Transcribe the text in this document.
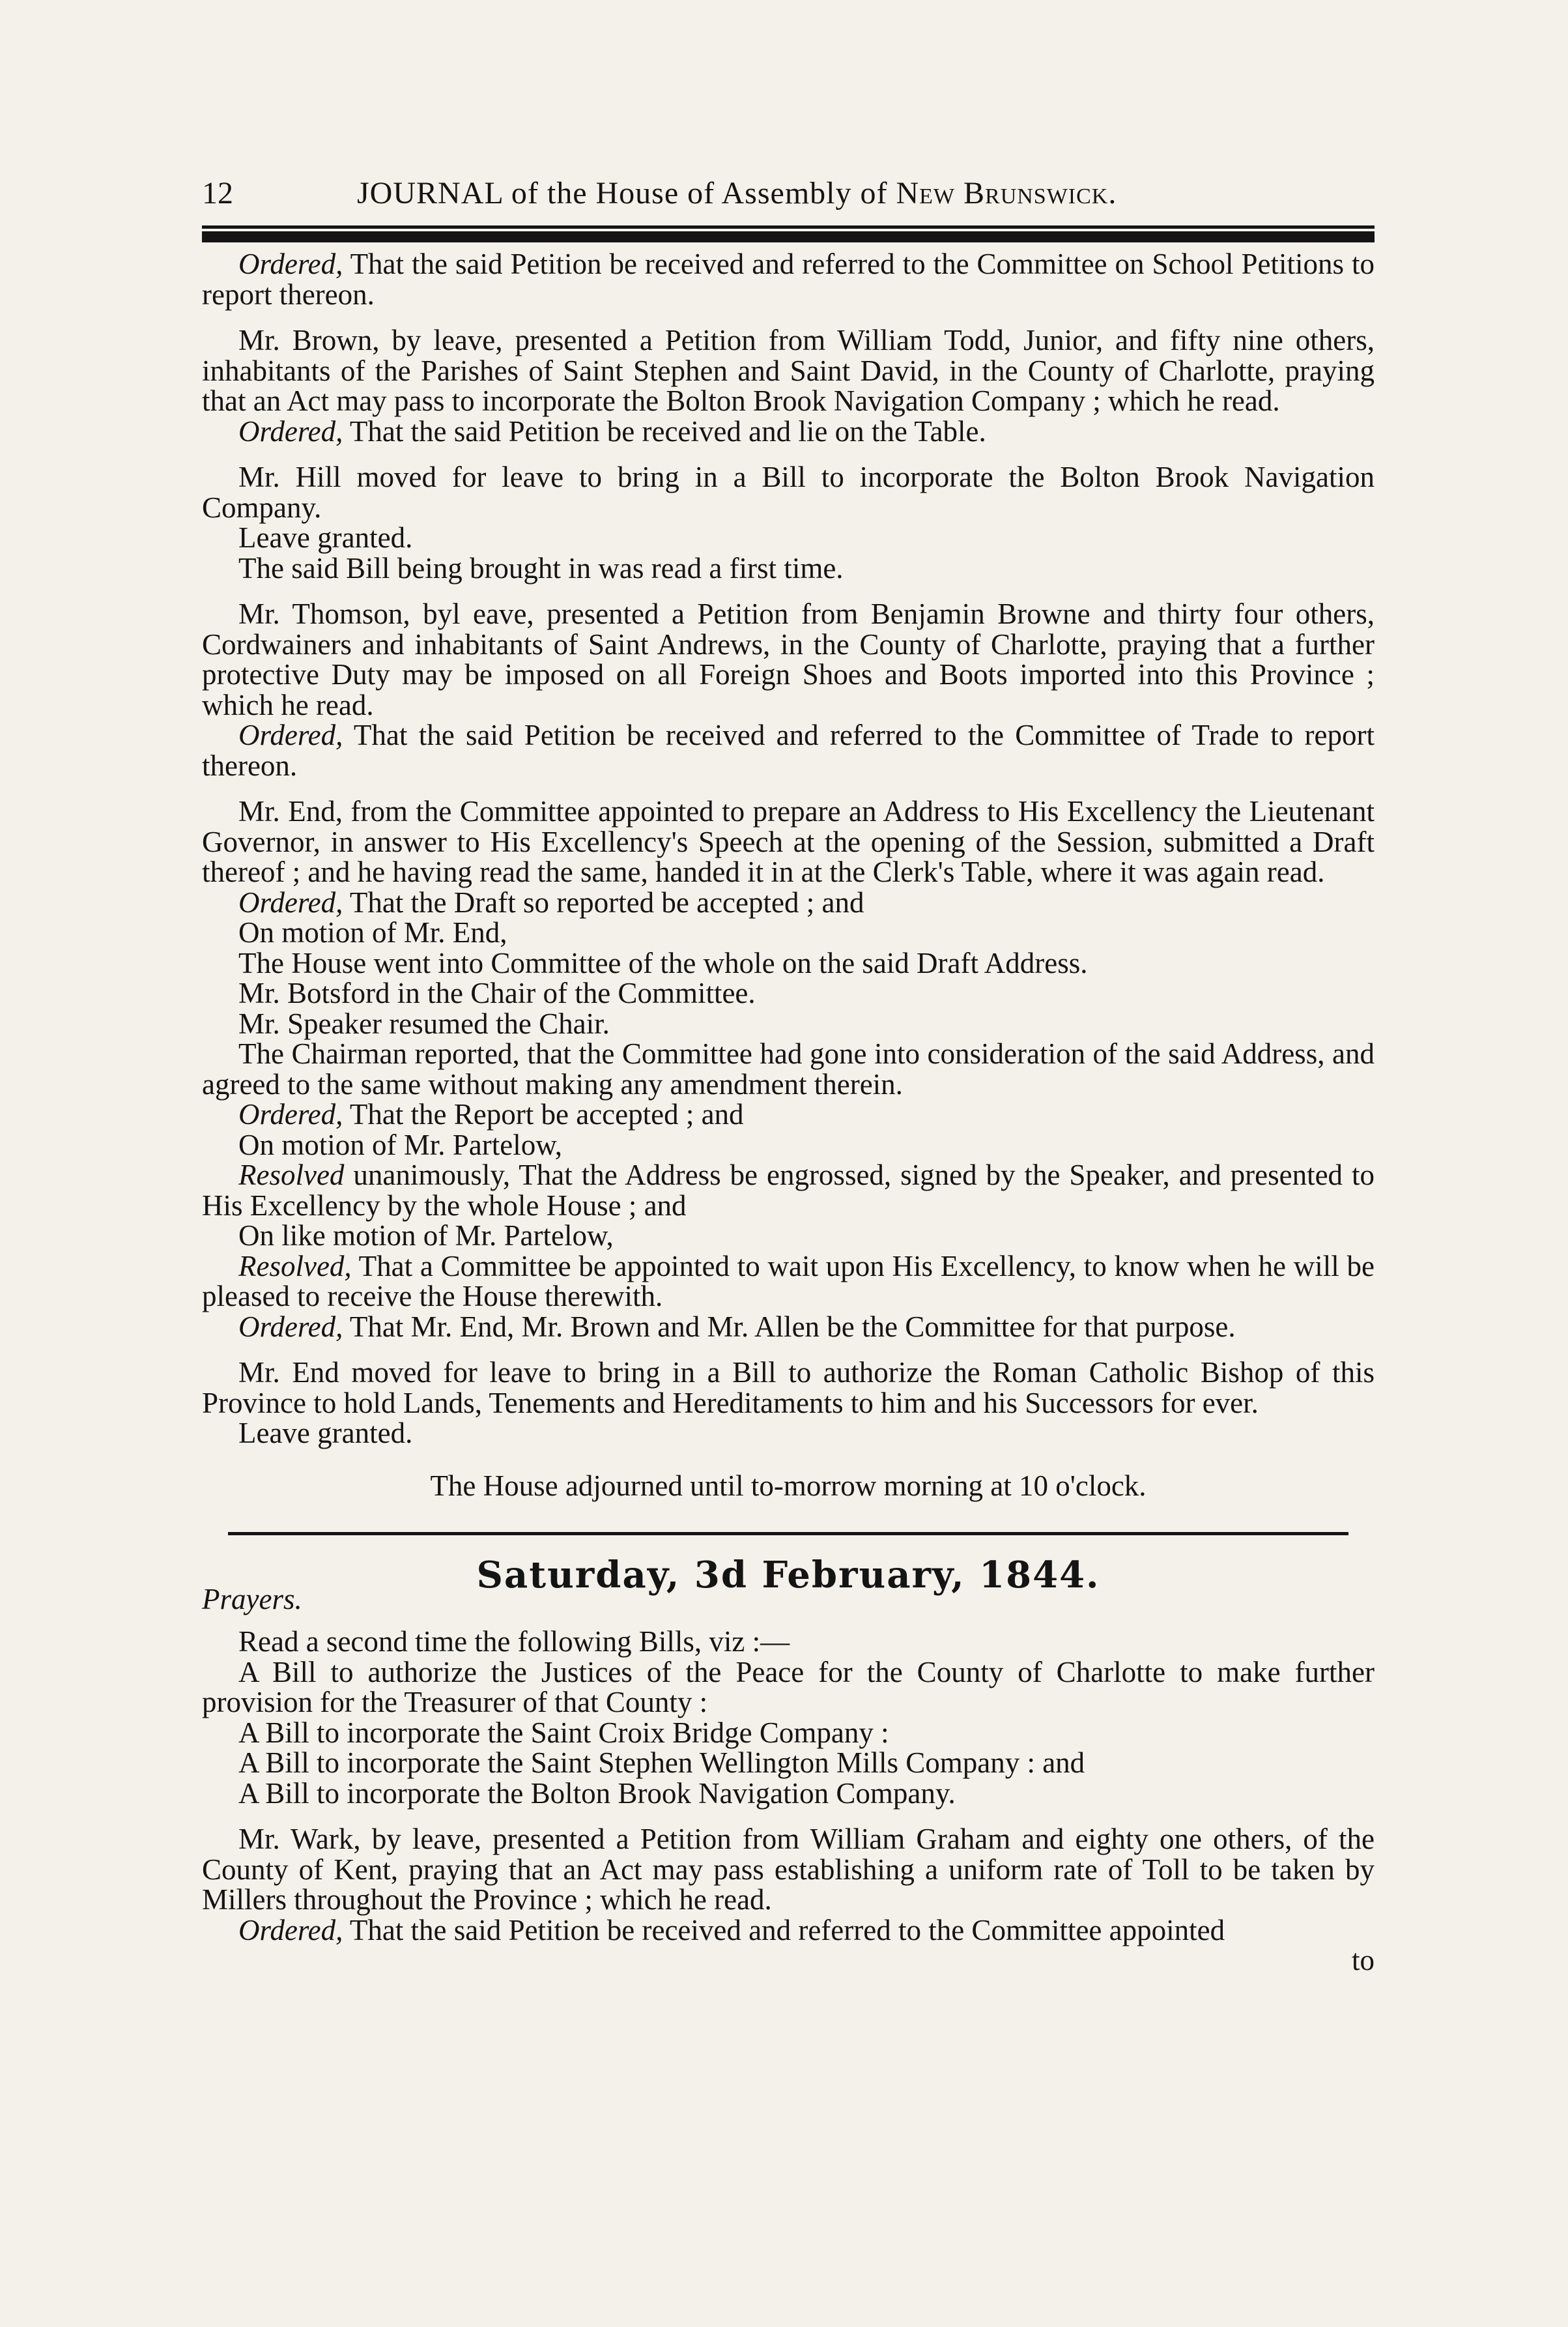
12	JOURNAL of the House of Assembly of New Brunswick.

Ordered, That the said Petition be received and referred to the Committee on School Petitions to report thereon.

Mr. Brown, by leave, presented a Petition from William Todd, Junior, and fifty nine others, inhabitants of the Parishes of Saint Stephen and Saint David, in the County of Charlotte, praying that an Act may pass to incorporate the Bolton Brook Navigation Company ; which he read.

Ordered, That the said Petition be received and lie on the Table.

Mr. Hill moved for leave to bring in a Bill to incorporate the Bolton Brook Navigation Company.

Leave granted.

The said Bill being brought in was read a first time.

Mr. Thomson, byl eave, presented a Petition from Benjamin Browne and thirty four others, Cordwainers and inhabitants of Saint Andrews, in the County of Charlotte, praying that a further protective Duty may be imposed on all Foreign Shoes and Boots imported into this Province ; which he read.

Ordered, That the said Petition be received and referred to the Committee of Trade to report thereon.

Mr. End, from the Committee appointed to prepare an Address to His Excellency the Lieutenant Governor, in answer to His Excellency's Speech at the opening of the Session, submitted a Draft thereof ; and he having read the same, handed it in at the Clerk's Table, where it was again read.

Ordered, That the Draft so reported be accepted ; and

On motion of Mr. End,

The House went into Committee of the whole on the said Draft Address.

Mr. Botsford in the Chair of the Committee.

Mr. Speaker resumed the Chair.

The Chairman reported, that the Committee had gone into consideration of the said Address, and agreed to the same without making any amendment therein.

Ordered, That the Report be accepted ; and

On motion of Mr. Partelow,

Resolved unanimously, That the Address be engrossed, signed by the Speaker, and presented to His Excellency by the whole House ; and

On like motion of Mr. Partelow,

Resolved, That a Committee be appointed to wait upon His Excellency, to know when he will be pleased to receive the House therewith.

Ordered, That Mr. End, Mr. Brown and Mr. Allen be the Committee for that purpose.

Mr. End moved for leave to bring in a Bill to authorize the Roman Catholic Bishop of this Province to hold Lands, Tenements and Hereditaments to him and his Successors for ever.

Leave granted.

The House adjourned until to-morrow morning at 10 o'clock.

Saturday, 3d February, 1844.
Prayers.

Read a second time the following Bills, viz :—

A Bill to authorize the Justices of the Peace for the County of Charlotte to make further provision for the Treasurer of that County :

A Bill to incorporate the Saint Croix Bridge Company :

A Bill to incorporate the Saint Stephen Wellington Mills Company : and

A Bill to incorporate the Bolton Brook Navigation Company.

Mr. Wark, by leave, presented a Petition from William Graham and eighty one others, of the County of Kent, praying that an Act may pass establishing a uniform rate of Toll to be taken by Millers throughout the Province ; which he read.

Ordered, That the said Petition be received and referred to the Committee appointed

to
